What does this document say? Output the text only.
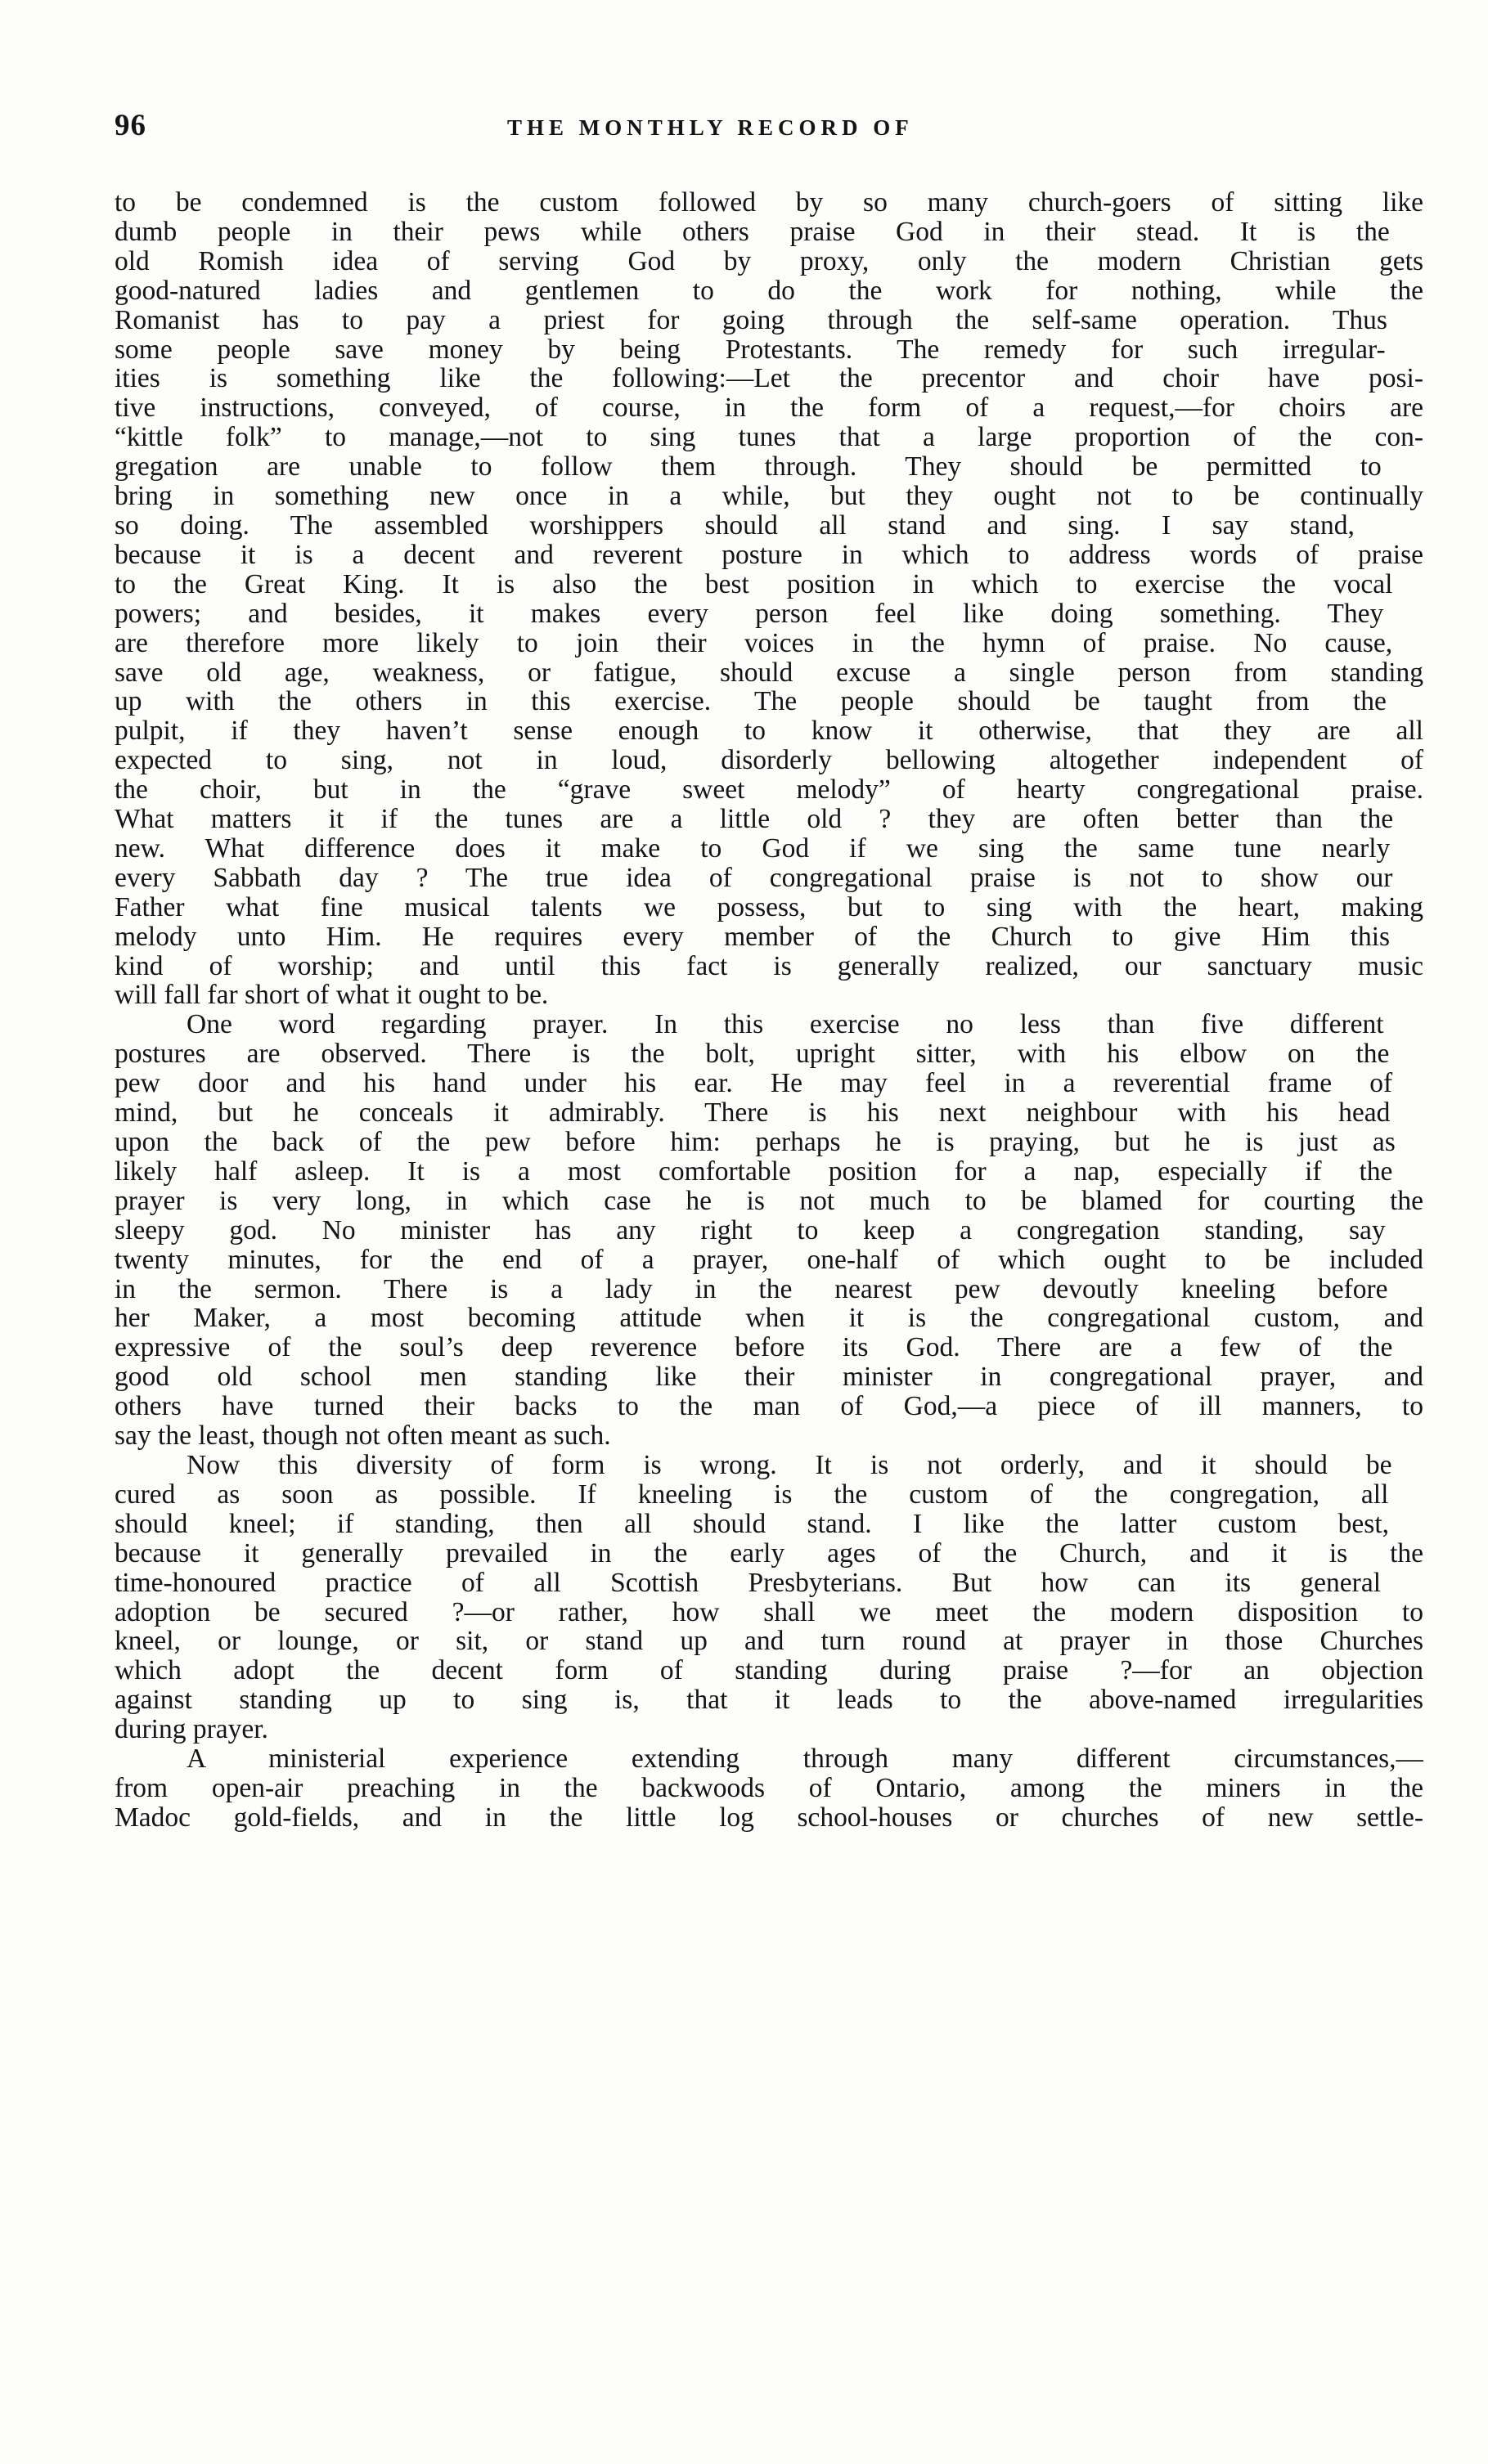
96	THE MONTHLY RECORD OF
to be condemned is the custom followed by so many church-goers of sitting like
dumb people in their pews while others praise God in their stead. It is the
old Romish idea of serving God by proxy, only the modern Christian gets
good-natured ladies and gentlemen to do the work for nothing, while the
Romanist has to pay a priest for going through the self-same operation. Thus
some people save money by being Protestants. The remedy for such irregular-
ities is something like the following:—Let the precentor and choir have posi-
tive instructions, conveyed, of course, in the form of a request,—for choirs are
“kittle folk” to manage,—not to sing tunes that a large proportion of the con-
gregation are unable to follow them through. They should be permitted to
bring in something new once in a while, but they ought not to be continually
so doing. The assembled worshippers should all stand and sing. I say stand,
because it is a decent and reverent posture in which to address words of praise
to the Great King. It is also the best position in which to exercise the vocal
powers; and besides, it makes every person feel like doing something. They
are therefore more likely to join their voices in the hymn of praise. No cause,
save old age, weakness, or fatigue, should excuse a single person from standing
up with the others in this exercise. The people should be taught from the
pulpit, if they haven’t sense enough to know it otherwise, that they are all
expected to sing, not in loud, disorderly bellowing altogether independent of
the choir, but in the “grave sweet melody” of hearty congregational praise.
What matters it if the tunes are a little old ? they are often better than the
new. What difference does it make to God if we sing the same tune nearly
every Sabbath day ? The true idea of congregational praise is not to show our
Father what fine musical talents we possess, but to sing with the heart, making
melody unto Him. He requires every member of the Church to give Him this
kind of worship; and until this fact is generally realized, our sanctuary music
will fall far short of what it ought to be.
One word regarding prayer. In this exercise no less than five different
postures are observed. There is the bolt, upright sitter, with his elbow on the
pew door and his hand under his ear. He may feel in a reverential frame of
mind, but he conceals it admirably. There is his next neighbour with his head
upon the back of the pew before him: perhaps he is praying, but he is just as
likely half asleep. It is a most comfortable position for a nap, especially if the
prayer is very long, in which case he is not much to be blamed for courting the
sleepy god. No minister has any right to keep a congregation standing, say
twenty minutes, for the end of a prayer, one-half of which ought to be included
in the sermon. There is a lady in the nearest pew devoutly kneeling before
her Maker, a most becoming attitude when it is the congregational custom, and
expressive of the soul’s deep reverence before its God. There are a few of the
good old school men standing like their minister in congregational prayer, and
others have turned their backs to the man of God,—a piece of ill manners, to
say the least, though not often meant as such.
Now this diversity of form is wrong. It is not orderly, and it should be
cured as soon as possible. If kneeling is the custom of the congregation, all
should kneel; if standing, then all should stand. I like the latter custom best,
because it generally prevailed in the early ages of the Church, and it is the
time-honoured practice of all Scottish Presbyterians. But how can its general
adoption be secured ?—or rather, how shall we meet the modern disposition to
kneel, or lounge, or sit, or stand up and turn round at prayer in those Churches
which adopt the decent form of standing during praise ?—for an objection
against standing up to sing is, that it leads to the above-named irregularities
during prayer.
A ministerial experience extending through many different circumstances,—
from open-air preaching in the backwoods of Ontario, among the miners in the
Madoc gold-fields, and in the little log school-houses or churches of new settle-
